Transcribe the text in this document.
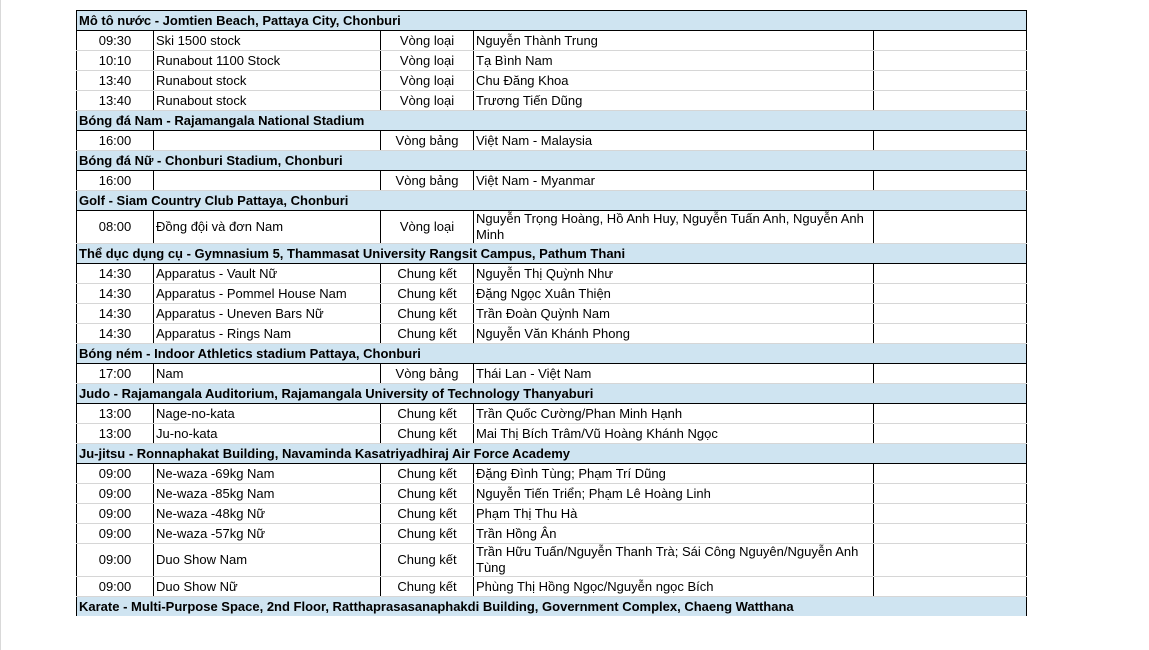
Mô tô nước - Jomtien Beach, Pattaya City, Chonburi				
09:30	Ski 1500 stock	Vòng loại	Nguyễn Thành Trung	
10:10	Runabout 1100 Stock	Vòng loại	Tạ Bình Nam	
13:40	Runabout stock	Vòng loại	Chu Đăng Khoa	
13:40	Runabout stock	Vòng loại	Trương Tiến Dũng	
Bóng đá Nam - Rajamangala National Stadium				
16:00		Vòng bảng	Việt Nam - Malaysia	
Bóng đá Nữ - Chonburi Stadium, Chonburi				
16:00		Vòng bảng	Việt Nam - Myanmar	
Golf - Siam Country Club Pattaya, Chonburi				
08:00	Đồng đội và đơn Nam	Vòng loại	Nguyễn Trọng Hoàng, Hồ Anh Huy, Nguyễn Tuấn Anh, Nguyễn Anh Minh	
Thể dục dụng cụ - Gymnasium 5, Thammasat University Rangsit Campus, Pathum Thani				
14:30	Apparatus - Vault Nữ	Chung kết	Nguyễn Thị Quỳnh Như	
14:30	Apparatus - Pommel House Nam	Chung kết	Đặng Ngọc Xuân Thiện	
14:30	Apparatus - Uneven Bars Nữ	Chung kết	Trần Đoàn Quỳnh Nam	
14:30	Apparatus - Rings Nam	Chung kết	Nguyễn Văn Khánh Phong	
Bóng ném - Indoor Athletics stadium Pattaya, Chonburi				
17:00	Nam	Vòng bảng	Thái Lan - Việt Nam	
Judo - Rajamangala Auditorium, Rajamangala University of Technology Thanyaburi				
13:00	Nage-no-kata	Chung kết	Trần Quốc Cường/Phan Minh Hạnh	
13:00	Ju-no-kata	Chung kết	Mai Thị Bích Trâm/Vũ Hoàng Khánh Ngọc	
Ju-jitsu - Ronnaphakat Building, Navaminda Kasatriyadhiraj Air Force Academy				
09:00	Ne-waza -69kg Nam	Chung kết	Đặng Đình Tùng; Phạm Trí Dũng	
09:00	Ne-waza -85kg Nam	Chung kết	Nguyễn Tiến Triển; Phạm Lê Hoàng Linh	
09:00	Ne-waza -48kg Nữ	Chung kết	Phạm Thị Thu Hà	
09:00	Ne-waza -57kg Nữ	Chung kết	Trần Hồng Ân	
09:00	Duo Show Nam	Chung kết	Trần Hữu Tuấn/Nguyễn Thanh Trà; Sái Công Nguyên/Nguyễn Anh Tùng	
09:00	Duo Show Nữ	Chung kết	Phùng Thị Hồng Ngọc/Nguyễn ngọc Bích	
Karate - Multi-Purpose Space, 2nd Floor, Ratthaprasasanaphakdi Building, Government Complex, Chaeng Watthana				
